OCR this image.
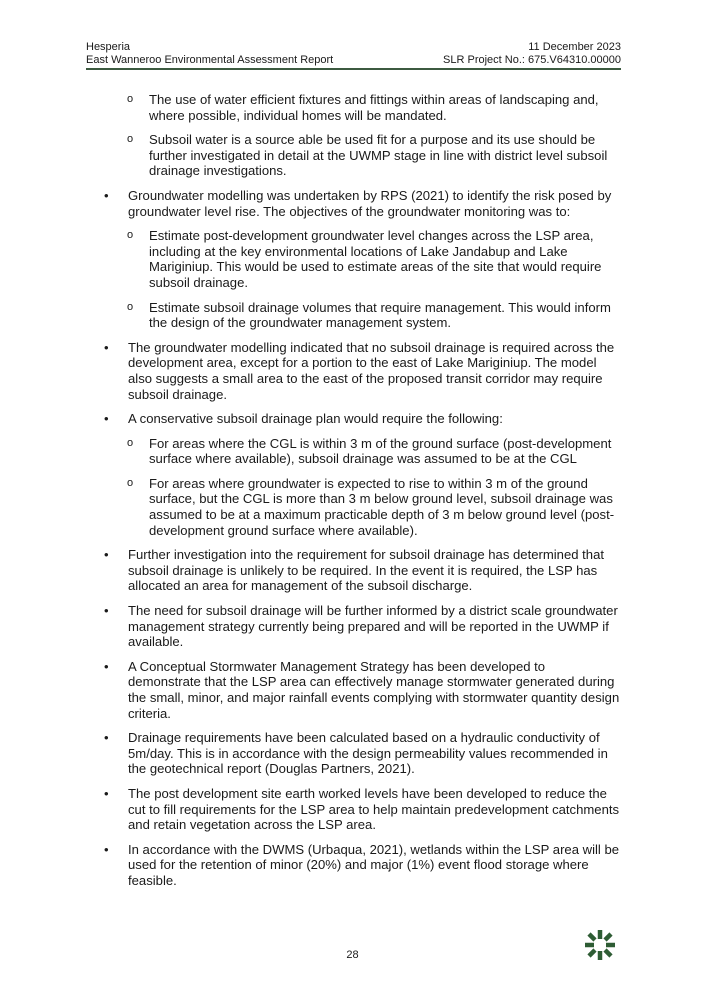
Hesperia	11 December 2023
East Wanneroo Environmental Assessment Report	SLR Project No.: 675.V64310.00000
o	The use of water efficient fixtures and fittings within areas of landscaping and, where possible, individual homes will be mandated.
o	Subsoil water is a source able be used fit for a purpose and its use should be further investigated in detail at the UWMP stage in line with district level subsoil drainage investigations.
•	Groundwater modelling was undertaken by RPS (2021) to identify the risk posed by groundwater level rise. The objectives of the groundwater monitoring was to:
o	Estimate post-development groundwater level changes across the LSP area, including at the key environmental locations of Lake Jandabup and Lake Mariginiup. This would be used to estimate areas of the site that would require subsoil drainage.
o	Estimate subsoil drainage volumes that require management. This would inform the design of the groundwater management system.
•	The groundwater modelling indicated that no subsoil drainage is required across the development area, except for a portion to the east of Lake Mariginiup. The model also suggests a small area to the east of the proposed transit corridor may require subsoil drainage.
•	A conservative subsoil drainage plan would require the following:
o	For areas where the CGL is within 3 m of the ground surface (post-development surface where available), subsoil drainage was assumed to be at the CGL
o	For areas where groundwater is expected to rise to within 3 m of the ground surface, but the CGL is more than 3 m below ground level, subsoil drainage was assumed to be at a maximum practicable depth of 3 m below ground level (post-development ground surface where available).
•	Further investigation into the requirement for subsoil drainage has determined that subsoil drainage is unlikely to be required. In the event it is required, the LSP has allocated an area for management of the subsoil discharge.
•	The need for subsoil drainage will be further informed by a district scale groundwater management strategy currently being prepared and will be reported in the UWMP if available.
•	A Conceptual Stormwater Management Strategy has been developed to demonstrate that the LSP area can effectively manage stormwater generated during the small, minor, and major rainfall events complying with stormwater quantity design criteria.
•	Drainage requirements have been calculated based on a hydraulic conductivity of 5m/day. This is in accordance with the design permeability values recommended in the geotechnical report (Douglas Partners, 2021).
•	The post development site earth worked levels have been developed to reduce the cut to fill requirements for the LSP area to help maintain predevelopment catchments and retain vegetation across the LSP area.
•	In accordance with the DWMS (Urbaqua, 2021), wetlands within the LSP area will be used for the retention of minor (20%) and major (1%) event flood storage where feasible.
28
